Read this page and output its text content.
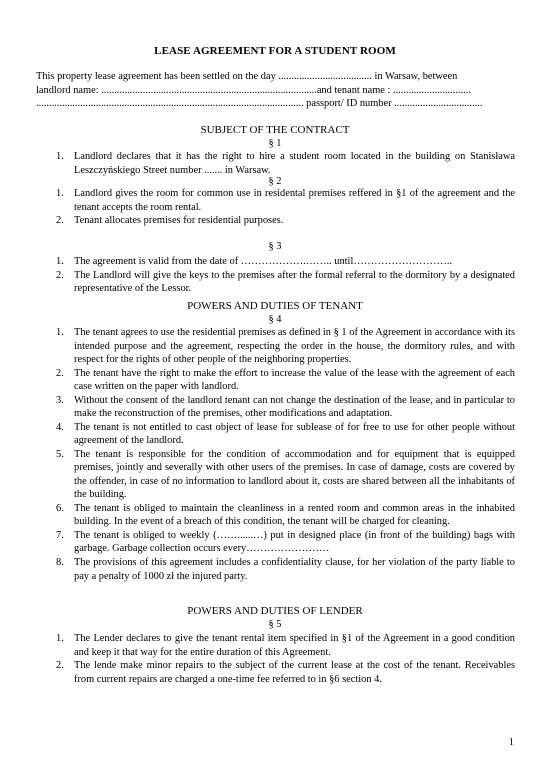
LEASE AGREEMENT FOR A STUDENT ROOM

This property lease agreement has been settled on the day .................................... in Warsaw, between

landlord name: ...................................................................................and tenant name : ..............................

....................................................................................................... passport/ ID number ..................................

SUBJECT OF THE CONTRACT
§ 1
1. Landlord declares that it has the right to hire a student room located in the building on Stanisława Leszczyńskiego Street number ....... in Warsaw.
§ 2
1. Landlord gives the room for common use in residental premises reffered in §1 of the agreement and the tenant accepts the room rental.
2. Tenant allocates premises for residential purposes.
§ 3
1. The agreement is valid from the date of ……………….…….. until………………………..
2. The Landlord will give the keys to the premises after the formal referral to the dormitory by a designated representative of the Lessor.
POWERS AND DUTIES OF TENANT
§ 4
1. The tenant agrees to use the residential premises as defined in § 1 of the Agreement in accordance with its intended purpose and the agreement, respecting the order in the house, the dormitory rules, and with respect for the rights of other people of the neighboring properties.
2. The tenant have the right to make the effort to increase the value of the lease with the agreement of each case written on the paper with landlord.
3. Without the consent of the landlord tenant can not change the destination of the lease, and in particular to make the reconstruction of the premises, other modifications and adaptation.
4. The tenant is not entitled to cast object of lease for sublease of for free to use for other people without agreement of the landlord.
5. The tenant is responsible for the condition of accommodation and for equipment that is equipped premises, jointly and severally with other users of the premises. In case of damage, costs are covered by the offender, in case of no information to landlord about it, costs are shared between all the inhabitants of the building.
6. The tenant is obliged to maintain the cleanliness in a rented room and common areas in the inhabited building. In the event of a breach of this condition, the tenant will be charged for cleaning.
7. The tenant is obliged to weekly (……......…) put in designed place (in front of the building) bags with garbage. Garbage collection occurs every……………………
8. The provisions of this agreement includes a confidentiality clause, for her violation of the party liable to pay a penalty of 1000 zł the injured party.
POWERS AND DUTIES OF LENDER
§ 5
1. The Lender declares to give the tenant rental item specified in §1 of the Agreement in a good condition and keep it that way for the entire duration of this Agreement.
2. The lende make minor repairs to the subject of the current lease at the cost of the tenant. Receivables from current repairs are charged a one-time fee referred to in §6 section 4.
1
